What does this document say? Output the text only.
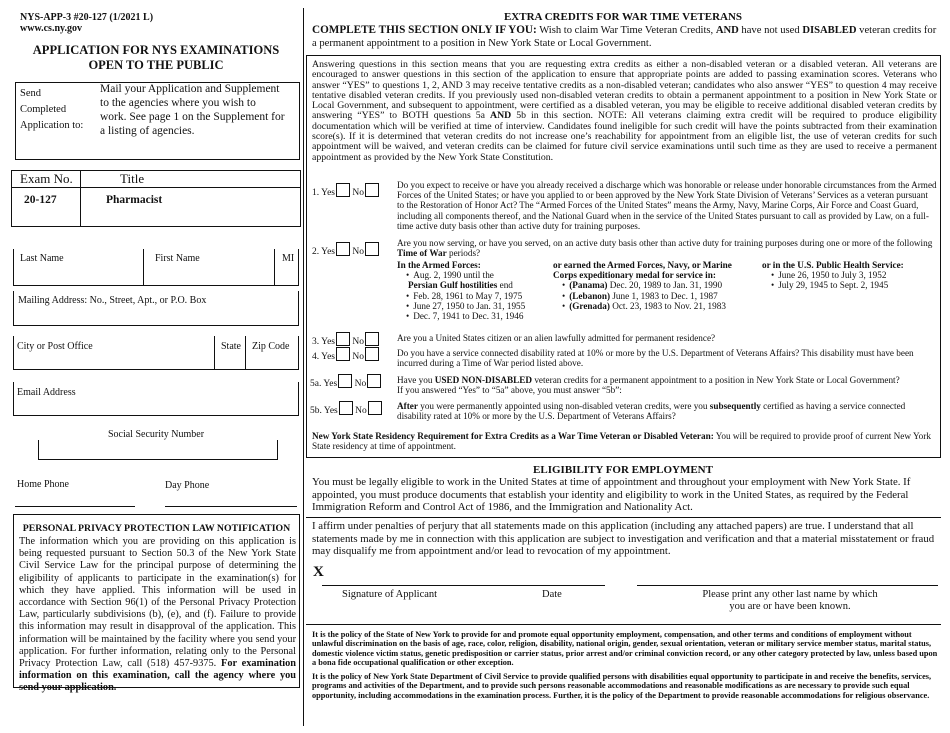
NYS-APP-3 #20-127 (1/2021 L)
www.cs.ny.gov
APPLICATION FOR NYS EXAMINATIONS
OPEN TO THE PUBLIC
Send
Completed
Application to:
Mail your Application and Supplement
to the agencies where you wish to
work. See page 1 on the Supplement for
a listing of agencies.
Exam No.	Title
20-127	Pharmacist
Last Name	First Name	MI
Mailing Address: No., Street, Apt., or P.O. Box
City or Post Office	State Zip Code
Email Address
Social Security Number
Home Phone	Day Phone
PERSONAL PRIVACY PROTECTION LAW NOTIFICATION
The information which you are providing on this application is being requested pursuant to Section 50.3 of the New York State Civil Service Law for the principal purpose of determining the eligibility of applicants to participate in the examination(s) for which they have applied. This information will be used in accordance with Section 96(1) of the Personal Privacy Protection Law, particularly subdivisions (b), (e), and (f). Failure to provide this information may result in disapproval of the application. This information will be maintained by the facility where you send your application. For further information, relating only to the Personal Privacy Protection Law, call (518) 457-9375. For examination information on this examination, call the agency where you send your application.
EXTRA CREDITS FOR WAR TIME VETERANS
COMPLETE THIS SECTION ONLY IF YOU: Wish to claim War Time Veteran Credits, AND have not used DISABLED veteran credits for a permanent appointment to a position in New York State or Local Government.
Answering questions in this section means that you are requesting extra credits as either a non-disabled veteran or a disabled veteran. All veterans are encouraged to answer questions in this section of the application to ensure that appropriate points are added to passing examination scores. Veterans who answer “YES” to questions 1, 2, AND 3 may receive tentative credits as a non-disabled veteran; candidates who also answer “YES” to question 4 may receive tentative disabled veteran credits. If you previously used non-disabled veteran credits to obtain a permanent appointment to a position in New York State or Local Government, and subsequent to appointment, were certified as a disabled veteran, you may be eligible to receive additional disabled veteran credits by answering “YES” to BOTH questions 5a AND 5b in this section. NOTE: All veterans claiming extra credit will be required to produce eligibility documentation which will be verified at time of interview. Candidates found ineligible for such credit will have the points subtracted from their examination score(s). If it is determined that veteran credits do not increase one’s reachability for appointment from an eligible list, the use of veteran credits for such appointment will be waived, and veteran credits can be claimed for future civil service examinations until such time as they are used to receive a permanent appointment as provided by the New York State Constitution.
1. Yes No
Do you expect to receive or have you already received a discharge which was honorable or release under honorable circumstances from the Armed Forces of the United States; or have you applied to or been approved by the New York State Division of Veterans’ Services as a veteran pursuant to the Restoration of Honor Act? The “Armed Forces of the United States” means the Army, Navy, Marine Corps, Air Force and Coast Guard, including all components thereof, and the National Guard when in the service of the United States pursuant to call as provided by Law, on a full-time active duty basis other than active duty for training purposes.
2. Yes No
Are you now serving, or have you served, on an active duty basis other than active duty for training purposes during one or more of the following Time of War periods?
In the Armed Forces:
• Aug. 2, 1990 until the
Persian Gulf hostilities end
• Feb. 28, 1961 to May 7, 1975
• June 27, 1950 to Jan. 31, 1955
• Dec. 7, 1941 to Dec. 31, 1946
or earned the Armed Forces, Navy, or Marine
Corps expeditionary medal for service in:
• (Panama) Dec. 20, 1989 to Jan. 31, 1990
• (Lebanon) June 1, 1983 to Dec. 1, 1987
• (Grenada) Oct. 23, 1983 to Nov. 21, 1983
or in the U.S. Public Health Service:
• June 26, 1950 to July 3, 1952
• July 29, 1945 to Sept. 2, 1945
3. Yes No	Are you a United States citizen or an alien lawfully admitted for permanent residence?
4. Yes No	Do you have a service connected disability rated at 10% or more by the U.S. Department of Veterans Affairs? This disability must have been incurred during a Time of War period listed above.
5a. Yes No	Have you USED NON-DISABLED veteran credits for a permanent appointment to a position in New York State or Local Government?
If you answered “Yes” to “5a” above, you must answer “5b”:
5b. Yes No	After you were permanently appointed using non-disabled veteran credits, were you subsequently certified as having a service connected disability rated at 10% or more by the U.S. Department of Veterans Affairs?
New York State Residency Requirement for Extra Credits as a War Time Veteran or Disabled Veteran: You will be required to provide proof of current New York State residency at time of appointment.
ELIGIBILITY FOR EMPLOYMENT
You must be legally eligible to work in the United States at time of appointment and throughout your employment with New York State. If appointed, you must produce documents that establish your identity and eligibility to work in the United States, as required by the Federal Immigration Reform and Control Act of 1986, and the Immigration and Nationality Act.
I affirm under penalties of perjury that all statements made on this application (including any attached papers) are true. I understand that all statements made by me in connection with this application are subject to investigation and verification and that a material misstatement or fraud may disqualify me from appointment and/or lead to revocation of my appointment.
X
Signature of Applicant	Date	Please print any other last name by which
you are or have been known.
It is the policy of the State of New York to provide for and promote equal opportunity employment, compensation, and other terms and conditions of employment without unlawful discrimination on the basis of age, race, color, religion, disability, national origin, gender, sexual orientation, veteran or military service member status, marital status, domestic violence victim status, genetic predisposition or carrier status, prior arrest and/or criminal conviction record, or any other category protected by law, unless based upon a bona fide occupational qualification or other exception.
It is the policy of New York State Department of Civil Service to provide qualified persons with disabilities equal opportunity to participate in and receive the benefits, services, programs and activities of the Department, and to provide such persons reasonable accommodations and reasonable modifications as are necessary to provide such equal opportunity, including accommodations in the examination process. Further, it is the policy of the Department to provide reasonable accommodations for religious observance.
